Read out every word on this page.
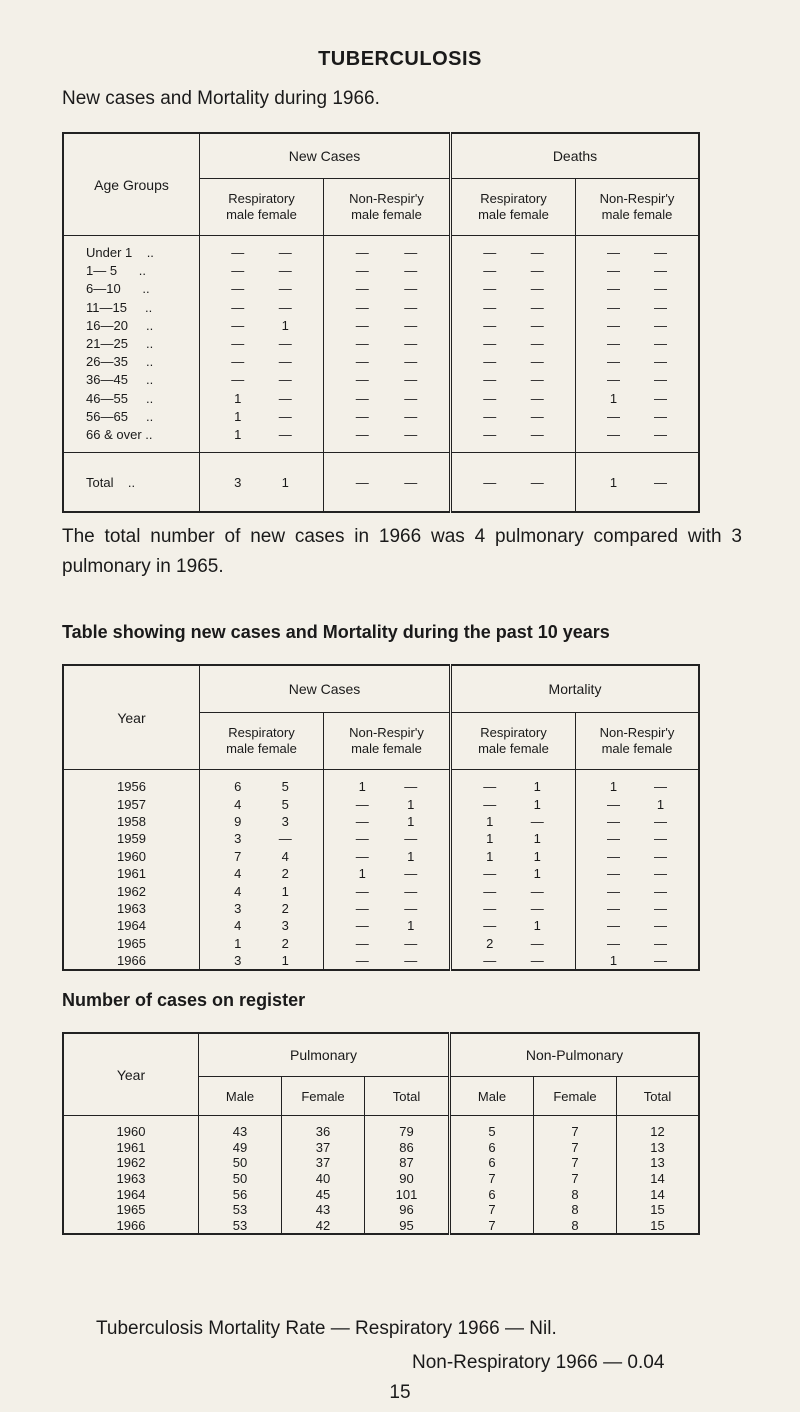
TUBERCULOSIS
New cases and Mortality during 1966.
Age Groups	New Cases		Deaths	
	Respiratory
male female	Non-Respir'y
male female	Respiratory
male female	Non-Respir'y
male female

Under 1    ..	— —	— —	— —	— —

1— 5      ..	— —	— —	— —	— —

6—10      ..	— —	— —	— —	— —

11—15     ..	— —	— —	— —	— —

16—20     ..	— 1	— —	— —	— —

21—25     ..	— —	— —	— —	— —

26—35     ..	— —	— —	— —	— —

36—45     ..	— —	— —	— —	— —

46—55     ..	1 —	— —	— —	1 —

56—65     ..	1 —	— —	— —	— —

66 & over ..	1 —	— —	— —	— —

Total    ..	3 1	— —	— —	1 —
The total number of new cases in 1966 was 4 pulmonary compared with 3 pulmonary in 1965.
Table showing new cases and Mortality during the past 10 years
Year	New Cases		Mortality	
	Respiratory
male female	Non-Respir'y
male female	Respiratory
male female	Non-Respir'y
male female

1956	6 5	1 —	— 1	1 —

1957	4 5	— 1	— 1	— 1

1958	9 3	— 1	1 —	— —

1959	3 —	— —	1 1	— —

1960	7 4	— 1	1 1	— —

1961	4 2	1 —	— 1	— —

1962	4 1	— —	— —	— —

1963	3 2	— —	— —	— —

1964	4 3	— 1	— 1	— —

1965	1 2	— —	2 —	— —

1966	3 1	— —	— —	1 —
Number of cases on register
Year	Pulmonary			Non-Pulmonary		
	Male	Female	Total	Male	Female	Total

1960	43	36	79	5	7	12
1961	49	37	86	6	7	13
1962	50	37	87	6	7	13
1963	50	40	90	7	7	14
1964	56	45	101	6	8	14
1965	53	43	96	7	8	15
1966	53	42	95	7	8	15
Tuberculosis Mortality Rate — Respiratory 1966 — Nil.
Non-Respiratory 1966 — 0.04
15
